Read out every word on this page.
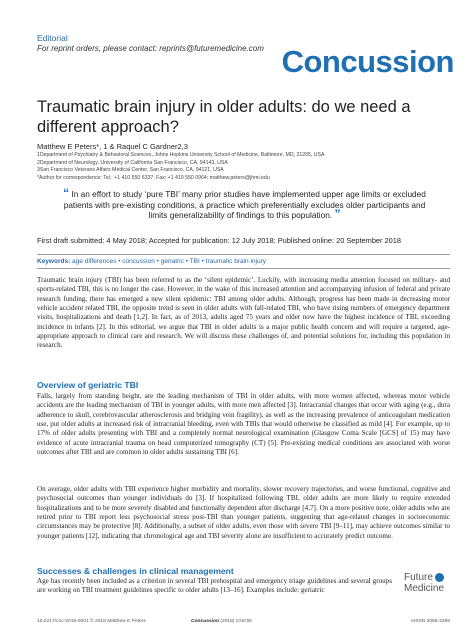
Editorial
For reprint orders, please contact: reprints@futuremedicine.com Concussion
Traumatic brain injury in older adults: do we need a different approach?
Matthew E Peters*, 1 & Raquel C Gardner2,3
1Department of Psychiatry & Behavioral Sciences, Johns Hopkins University School of Medicine, Baltimore, MD, 21205, USA
2Department of Neurology, University of California San Francisco, CA, 94143, USA
3San Francisco Veterans Affairs Medical Center, San Francisco, CA, 94121, USA
*Author for correspondence: Tel.: +1 410 550 6337; Fax: +1 410 550 0964; matthew.peters@jhmi.edu
“ In an effort to study ‘pure TBI’ many prior studies have implemented upper age limits or excluded patients with pre-existing conditions, a practice which preferentially excludes older participants and limits generalizability of findings to this population. ”
First draft submitted: 4 May 2018; Accepted for publication: 12 July 2018; Published online: 20 September 2018
Keywords: age differences • concussion • geriatric • TBI • traumatic brain injury

Traumatic brain injury (TBI) has been referred to as the ‘silent epidemic’. Luckily, with increasing media attention focused on military- and sports-related TBI, this is no longer the case. However, in the wake of this increased attention and accompanying infusion of federal and private research funding, there has emerged a new silent epidemic: TBI among older adults. Although, progress has been made in decreasing motor vehicle accident related TBI, the opposite trend is seen in older adults with fall-related TBI, who have rising numbers of emergency department visits, hospitalizations and death [1,2]. In fact, as of 2013, adults aged 75 years and older now have the highest incidence of TBI, exceeding incidence in infants [2]. In this editorial, we argue that TBI in older adults is a major public health concern and will require a targeted, age-appropriate approach to clinical care and research. We will discuss these challenges of, and potential solutions for, including this population in research.

Overview of geriatric TBI

Falls, largely from standing height, are the leading mechanism of TBI in older adults, with more women affected, whereas motor vehicle accidents are the leading mechanism of TBI in younger adults, with more men affected [3]. Intracranial changes that occur with aging (e.g., dura adherence to skull, cerebrovascular atherosclerosis and bridging vein fragility), as well as the increasing prevalence of anticoagulant medication use, put older adults at increased risk of intracranial bleeding, even with TBIs that would otherwise be classified as mild [4]. For example, up to 17% of older adults presenting with TBI and a completely normal neurological examination (Glasgow Coma Scale [GCS] of 15) may have evidence of acute intracranial trauma on head computerized tomography (CT) [5]. Pre-existing medical conditions are associated with worse outcomes after TBI and are common in older adults sustaining TBI [6].

On average, older adults with TBI experience higher morbidity and mortality, slower recovery trajectories, and worse functional, cognitive and psychosocial outcomes than younger individuals do [3]. If hospitalized following TBI, older adults are more likely to require extended hospitalizations and to be more severely disabled and functionally dependent after discharge [4,7]. On a more positive note, older adults who are retired prior to TBI report less psychosocial stress post-TBI than younger patients, suggesting that age-related changes in socioeconomic circumstances may be protective [8]. Additionally, a subset of older adults, even those with severe TBI [9–11], may achieve outcomes similar to younger patients [12], indicating that chronological age and TBI severity alone are insufficient to accurately predict outcome.

Successes & challenges in clinical management

Age has recently been included as a criterion in several TBI prehospital and emergency triage guidelines and several groups are working on TBI treatment guidelines specific to older adults [13–16]. Examples include: geriatric

Future
Medicine
10.2217/cnc-2018-0001 © 2018 Matthew E Peters	Concussion (2018) CNC56	eISSN 2056-3299
